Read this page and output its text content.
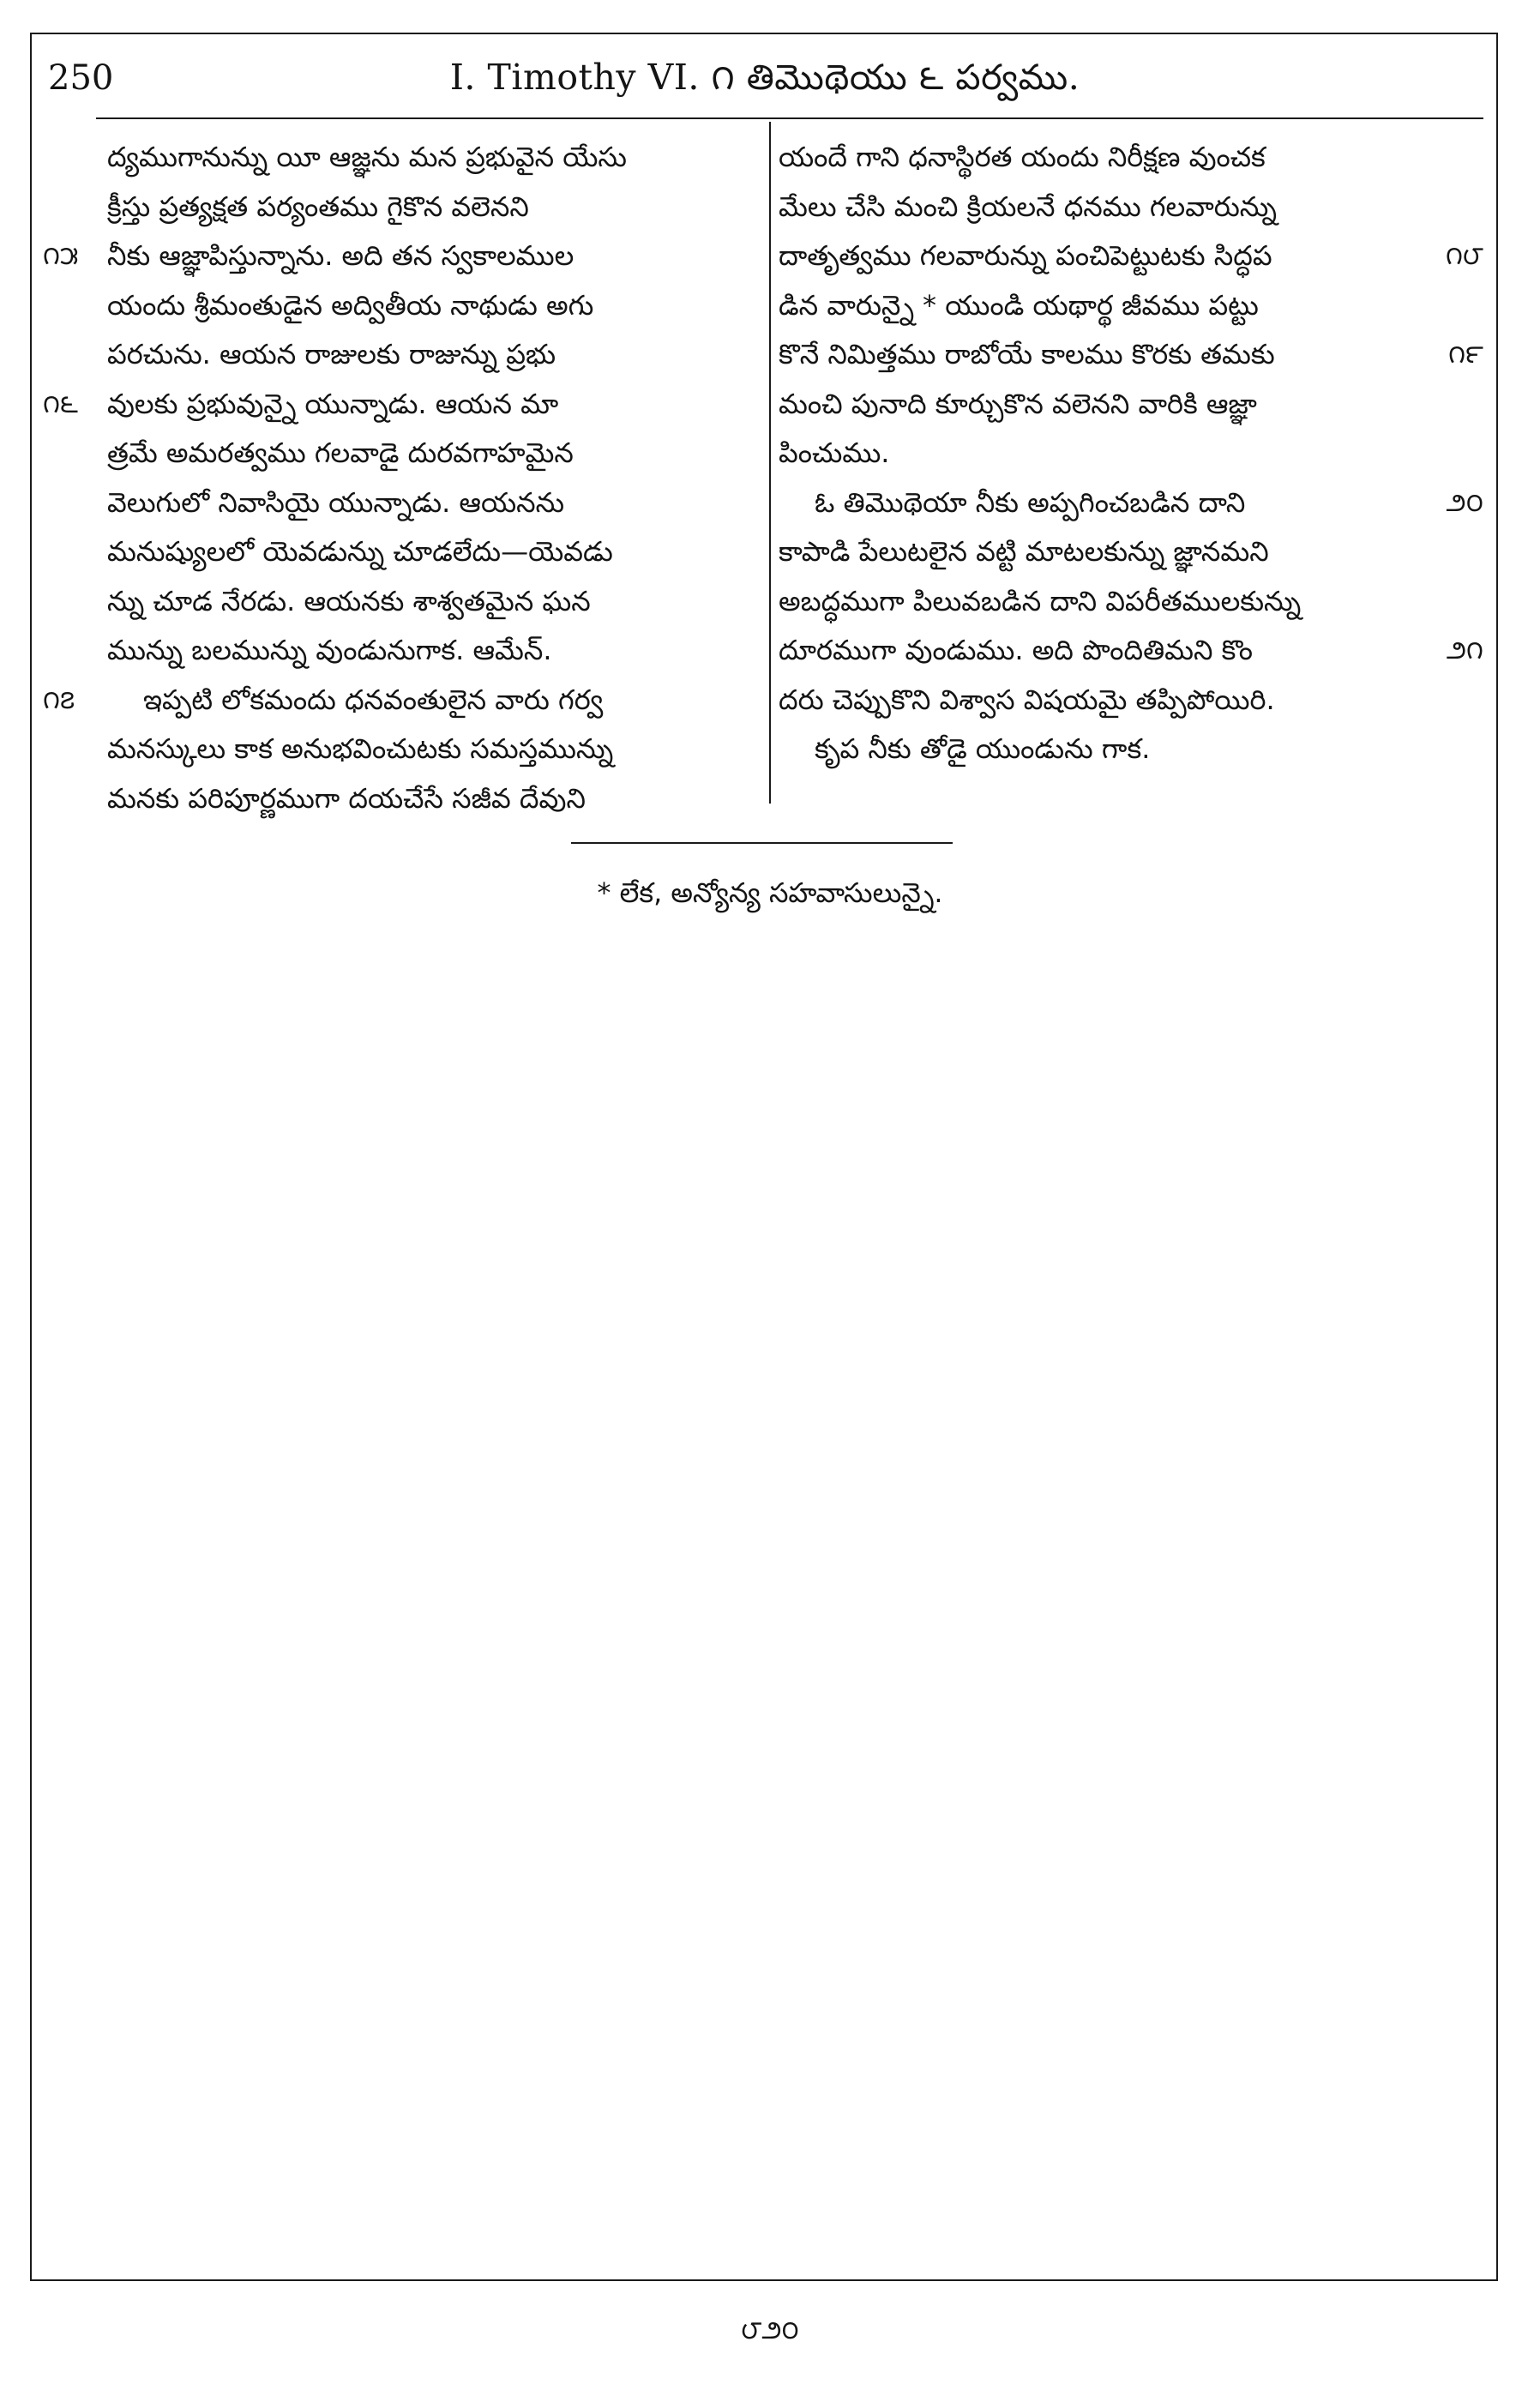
250	I. Timothy VI. ౧ తిమొథెయు ౬ పర్వము.
ద్యముగానున్ను యీ ఆజ్ఞను మన ప్రభువైన యేసు
క్రీస్తు ప్రత్యక్షత పర్యంతము గైకొన వలెనని
౧౫ నీకు ఆజ్ఞాపిస్తున్నాను. అది తన స్వకాలముల
యందు శ్రీమంతుడైన అద్వితీయ నాథుడు అగు
పరచును. ఆయన రాజులకు రాజున్ను ప్రభు
౧౬ వులకు ప్రభువున్నై యున్నాడు. ఆయన మా
త్రమే అమరత్వము గలవాడై దురవగాహమైన
వెలుగులో నివాసియై యున్నాడు. ఆయనను
మనుష్యులలో యెవడున్ను చూడలేదు—యెవడు
న్ను చూడ నేరడు. ఆయనకు శాశ్వతమైన ఘన
మున్ను బలమున్ను వుండునుగాక. ఆమేన్.
౧౭ ఇప్పటి లోకమందు ధనవంతులైన వారు గర్వ
మనస్కులు కాక అనుభవించుటకు సమస్తమున్ను
మనకు పరిపూర్ణముగా దయచేసే సజీవ దేవుని
యందే గాని ధనాస్థిరత యందు నిరీక్షణ వుంచక
మేలు చేసి మంచి క్రియలనే ధనము గలవారున్ను
౧౮
దాతృత్వము గలవారున్ను పంచిపెట్టుటకు సిద్ధప
డిన వారున్నై * యుండి యథార్థ జీవము పట్టు
౧౯
కొనే నిమిత్తము రాబోయే కాలము కొరకు తమకు
మంచి పునాది కూర్చుకొన వలెనని వారికి ఆజ్ఞా
పించుము.
౨౦
ఓ తిమొథెయా నీకు అప్పగించబడిన దాని
కాపాడి పేలుటలైన వట్టి మాటలకున్ను జ్ఞానమని
అబద్ధముగా పిలువబడిన దాని విపరీతములకున్ను
౨౧
దూరముగా వుండుము. అది పొందితిమని కొం
దరు చెప్పుకొని విశ్వాస విషయమై తప్పిపోయిరి.
కృప నీకు తోడై యుండును గాక.
* లేక, అన్యోన్య సహవాసులున్నై.
౮౨౦
